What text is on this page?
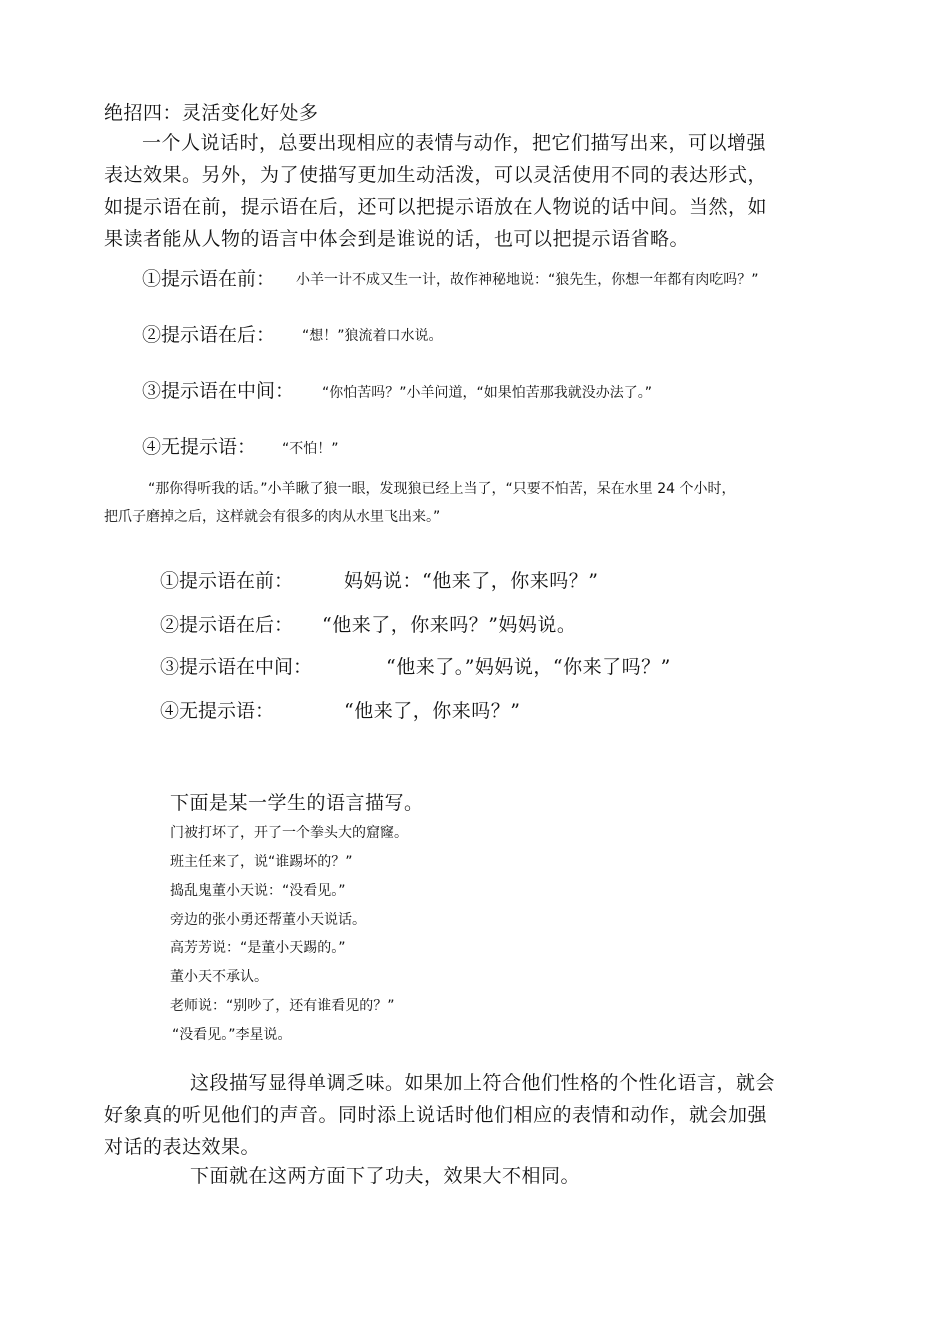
绝招四：灵活变化好处多

一个人说话时，总要出现相应的表情与动作，把它们描写出来，可以增强
表达效果。另外，为了使描写更加生动活泼，可以灵活使用不同的表达形式，
如提示语在前，提示语在后，还可以把提示语放在人物说的话中间。当然，如
果读者能从人物的语言中体会到是谁说的话，也可以把提示语省略。

①提示语在前： 小羊一计不成又生一计，故作神秘地说：“狼先生，你想一年都有肉吃吗？”

②提示语在后： “想！”狼流着口水说。

③提示语在中间： “你怕苦吗？”小羊问道，“如果怕苦那我就没办法了。”

④无提示语： “不怕！”

“那你得听我的话。”小羊瞅了狼一眼，发现狼已经上当了，“只要不怕苦，呆在水里 24 个小时，

把爪子磨掉之后，这样就会有很多的肉从水里飞出来。”

①提示语在前：	妈妈说：“他来了，你来吗？”

②提示语在后： “他来了，你来吗？”妈妈说。

③提示语在中间：	“他来了。”妈妈说，“你来了吗？”

④无提示语：	“他来了，你来吗？”

下面是某一学生的语言描写。

门被打坏了，开了一个拳头大的窟窿。

班主任来了，说“谁踢坏的？”

捣乱鬼董小天说：“没看见。”

旁边的张小勇还帮董小天说话。

高芳芳说：“是董小天踢的。”

董小天不承认。

老师说：“别吵了，还有谁看见的？”

“没看见。”李星说。

这段描写显得单调乏味。如果加上符合他们性格的个性化语言，就会
好象真的听见他们的声音。同时添上说话时他们相应的表情和动作，就会加强
对话的表达效果。

下面就在这两方面下了功夫，效果大不相同。
